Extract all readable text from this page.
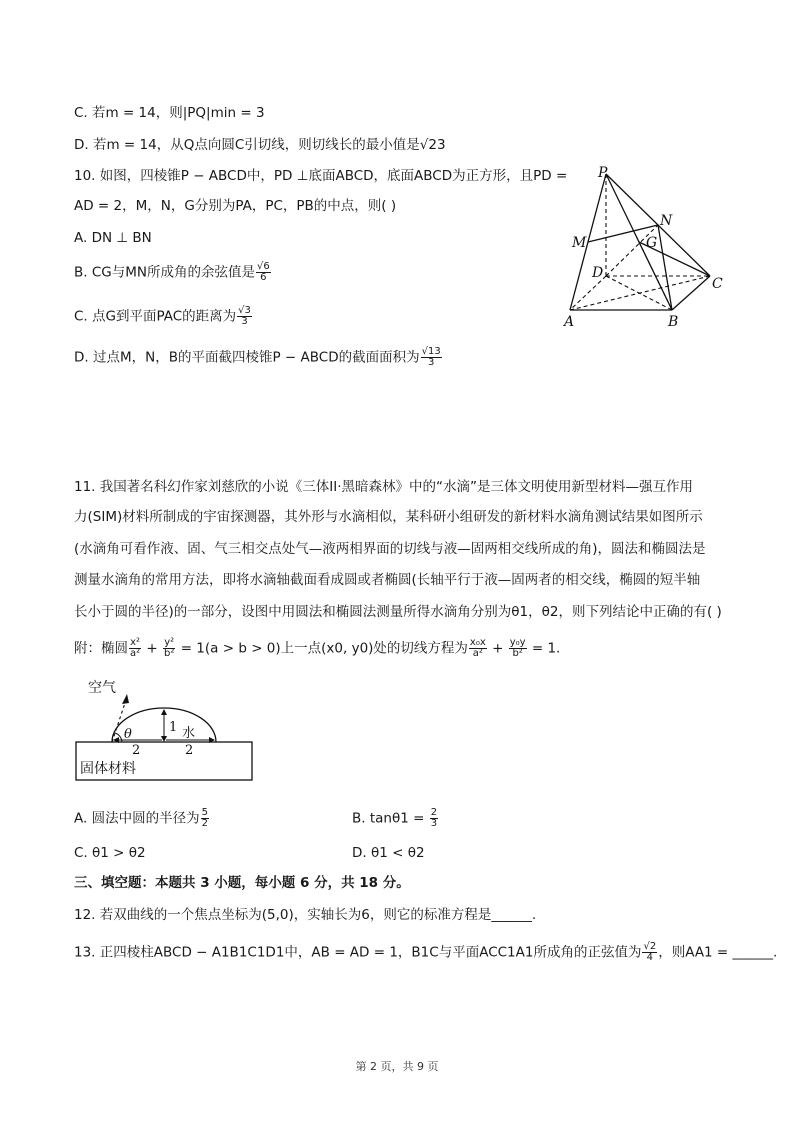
C. 若m = 14，则|PQ|min = 3
D. 若m = 14，从Q点向圆C引切线，则切线长的最小值是√23
10. 如图，四棱锥P − ABCD中，PD ⊥底面ABCD，底面ABCD为正方形，且PD =
AD = 2，M，N，G分别为PA，PC，PB的中点，则( )
A. DN ⊥ BN
B. CG与MN所成角的余弦值是 $\frac{√6}{6}$
C. 点G到平面PAC的距离为 $\frac{√3}{3}$
D. 过点M，N，B的平面截四棱锥P − ABCD的截面面积为 $\frac{√13}{3}$
P
N
M	G
D
C
A	B
11. 我国著名科幻作家刘慈欣的小说《三体II·黑暗森林》中的“水滴”是三体文明使用新型材料—强互作用
力(SIM)材料所制成的宇宙探测器，其外形与水滴相似，某科研小组研发的新材料水滴角测试结果如图所示
(水滴角可看作液、固、气三相交点处气—液两相界面的切线与液—固两相交线所成的角)，圆法和椭圆法是
测量水滴角的常用方法，即将水滴轴截面看成圆或者椭圆(长轴平行于液—固两者的相交线，椭圆的短半轴
长小于圆的半径)的一部分，设图中用圆法和椭圆法测量所得水滴角分别为θ1，θ2，则下列结论中正确的有( )
附：椭圆 $\frac{\text{x²}}{\text{a²}} + \frac{\text{y²}}{\text{b²}} = 1(a > b > 0)$上一点(x0, y0)处的切线方程为 $\frac{\text{x₀x}}{\text{a²}} + \frac{\text{y₀y}}{\text{b²}} = 1$.
空气
θ	1 水
2	2
固体材料
A. 圆法中圆的半径为 $\frac{5}{2}$	B. $\tan\theta 1 = \frac{2}{3}$
C. θ1 > θ2	D. θ1 < θ2
三、填空题：本题共 3 小题，每小题 6 分，共 18 分。
12. 若双曲线的一个焦点坐标为(5,0)，实轴长为6，则它的标准方程是______.
13. 正四棱柱ABCD − A1B1C1D1中，AB = AD = 1，B1C与平面ACC1A1所成角的正弦值为 $\frac{√2}{4}$ ，则AA1 = ______.
第 2 页，共 9 页
